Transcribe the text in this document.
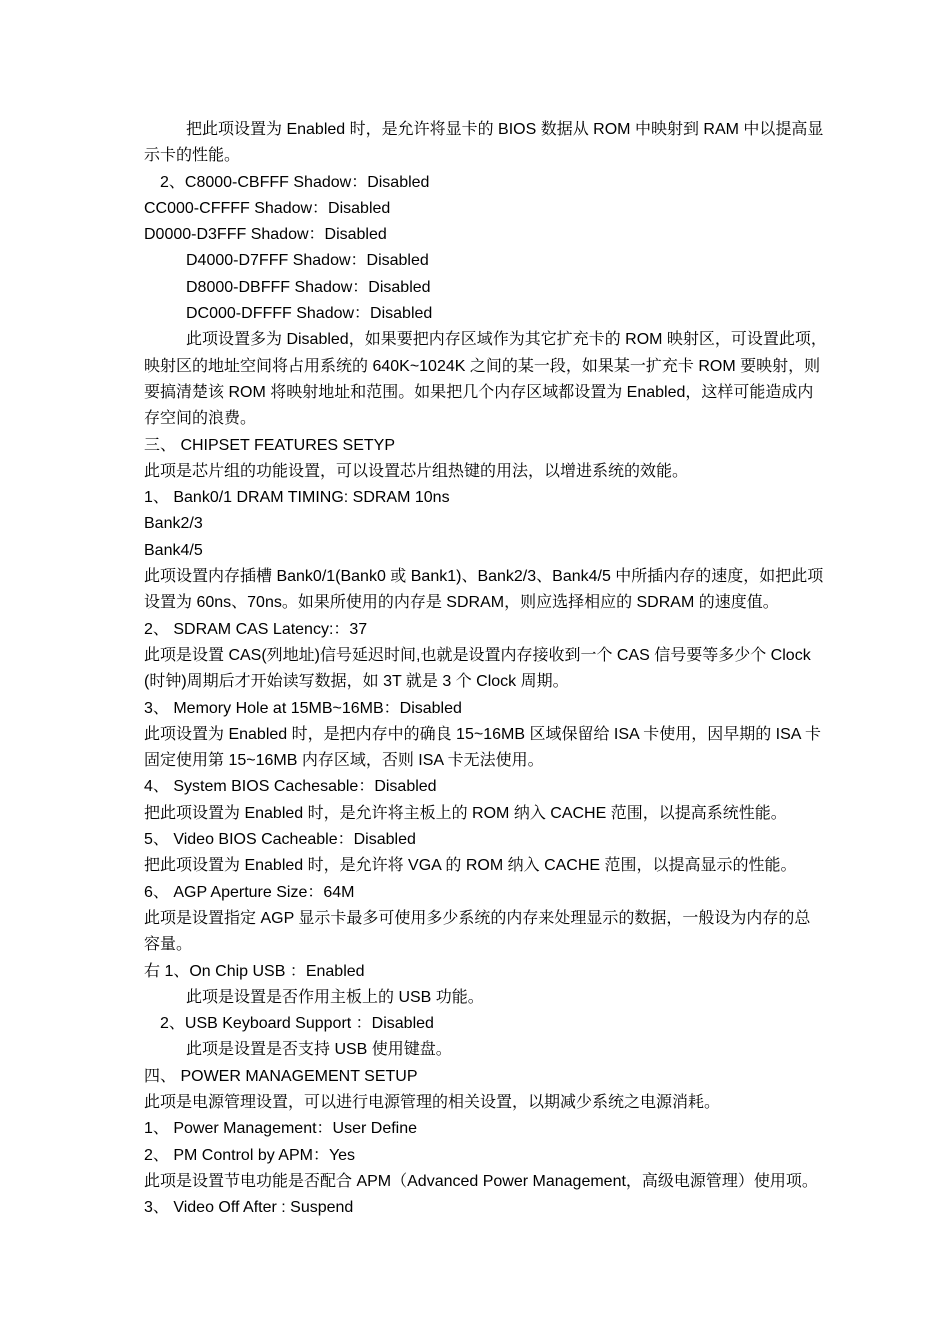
把此项设置为 Enabled 时，是允许将显卡的 BIOS 数据从 ROM 中映射到 RAM 中以提高显
示卡的性能。
2、C8000-CBFFF Shadow：Disabled
CC000-CFFFF Shadow：Disabled
D0000-D3FFF Shadow：Disabled
D4000-D7FFF Shadow：Disabled
D8000-DBFFF Shadow：Disabled
DC000-DFFFF Shadow：Disabled
此项设置多为 Disabled，如果要把内存区域作为其它扩充卡的 ROM 映射区，可设置此项，
映射区的地址空间将占用系统的 640K~1024K 之间的某一段，如果某一扩充卡 ROM 要映射，则
要搞清楚该 ROM 将映射地址和范围。如果把几个内存区域都设置为 Enabled，这样可能造成内
存空间的浪费。
三、 CHIPSET FEATURES SETYP
此项是芯片组的功能设置，可以设置芯片组热键的用法，以增进系统的效能。
1、 Bank0/1 DRAM TIMING: SDRAM 10ns
Bank2/3
Bank4/5
此项设置内存插槽 Bank0/1(Bank0 或 Bank1)、Bank2/3、Bank4/5 中所插内存的速度，如把此项
设置为 60ns、70ns。如果所使用的内存是 SDRAM，则应选择相应的 SDRAM 的速度值。
2、 SDRAM CAS Latency:：37
此项是设置 CAS(列地址)信号延迟时间,也就是设置内存接收到一个 CAS 信号要等多少个 Clock
(时钟)周期后才开始读写数据，如 3T 就是 3 个 Clock 周期。
3、 Memory Hole at 15MB~16MB：Disabled
此项设置为 Enabled 时，是把内存中的确良 15~16MB 区域保留给 ISA 卡使用，因早期的 ISA 卡
固定使用第 15~16MB 内存区域，否则 ISA 卡无法使用。
4、 System BIOS Cachesable：Disabled
把此项设置为 Enabled 时，是允许将主板上的 ROM 纳入 CACHE 范围，以提高系统性能。
5、 Video BIOS Cacheable：Disabled
把此项设置为 Enabled 时，是允许将 VGA 的 ROM 纳入 CACHE 范围，以提高显示的性能。
6、 AGP Aperture Size：64M
此项是设置指定 AGP 显示卡最多可使用多少系统的内存来处理显示的数据，一般设为内存的总
容量。
右 1、On Chip USB ：Enabled
此项是设置是否作用主板上的 USB 功能。
2、USB Keyboard Support ：Disabled
此项是设置是否支持 USB 使用键盘。
四、 POWER MANAGEMENT SETUP
此项是电源管理设置，可以进行电源管理的相关设置，以期减少系统之电源消耗。
1、 Power Management：User Define
2、 PM Control by APM：Yes
此项是设置节电功能是否配合 APM（Advanced Power Management，高级电源管理）使用项。
3、 Video Off After : Suspend
